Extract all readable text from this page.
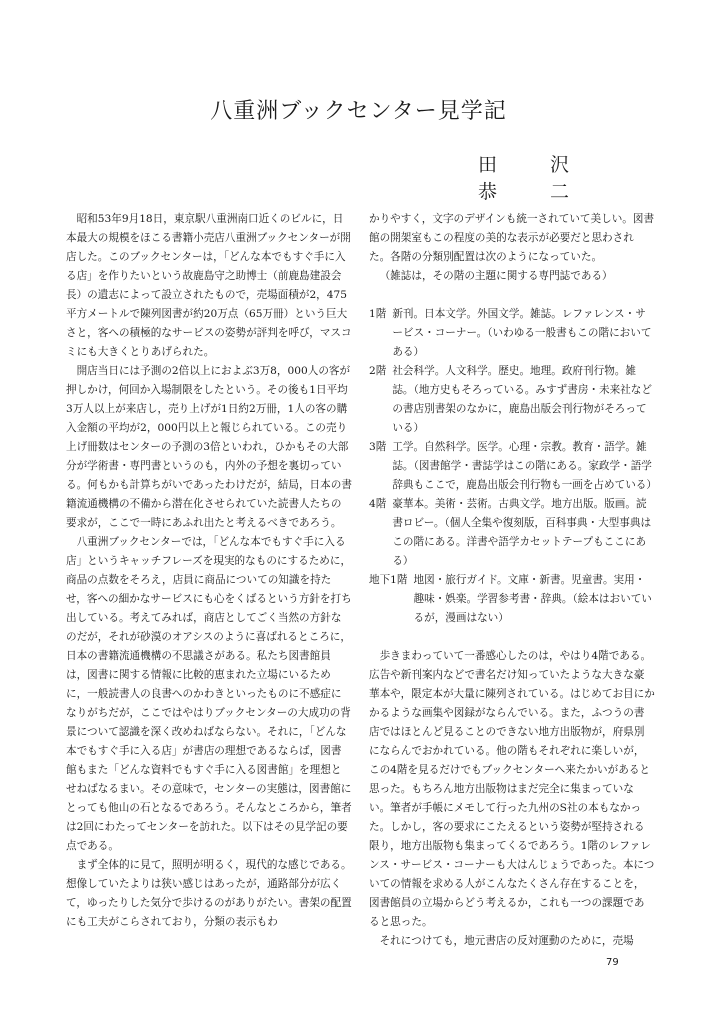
八重洲ブックセンター見学記
田　沢　恭　二

昭和53年9月18日，東京駅八重洲南口近くのビルに，日本最大の規模をほこる書籍小売店八重洲ブックセンターが開店した。このブックセンターは，「どんな本でもすぐ手に入る店」を作りたいという故鹿島守之助博士（前鹿島建設会長）の遺志によって設立されたもので，売場面積が2，475平方メートルで陳列図書が約20万点（65万冊）という巨大さと，客への積極的なサービスの姿勢が評判を呼び，マスコミにも大きくとりあげられた。

開店当日には予測の2倍以上におよぶ3万8，000人の客が押しかけ，何回か入場制限をしたという。その後も1日平均3万人以上が来店し，売り上げが1日約2万冊，1人の客の購入金額の平均が2，000円以上と報じられている。この売り上げ冊数はセンターの予測の3倍といわれ，ひかもその大部分が学術書・専門書というのも，内外の予想を裏切っている。何もかも計算ちがいであったわけだが，結局，日本の書籍流通機構の不備から潜在化させられていた読書人たちの要求が，ここで一時にあふれ出たと考えるべきであろう。

八重洲ブックセンターでは，「どんな本でもすぐ手に入る店」というキャッチフレーズを現実的なものにするために，商品の点数をそろえ，店員に商品についての知識を持たせ，客への細かなサービスにも心をくばるという方針を打ち出している。考えてみれば，商店としてごく当然の方針なのだが，それが砂漠のオアシスのように喜ばれるところに，日本の書籍流通機構の不思議さがある。私たち図書館員は，図書に関する情報に比較的恵まれた立場にいるために，一般読書人の良書へのかわきといったものに不感症になりがちだが，ここではやはりブックセンターの大成功の背景について認識を深く改めねばならない。それに，「どんな本でもすぐ手に入る店」が書店の理想であるならば，図書館もまた「どんな資料でもすぐ手に入る図書館」を理想とせねばなるまい。その意味で，センターの実態は，図書館にとっても他山の石となるであろう。そんなところから，筆者は2回にわたってセンターを訪れた。以下はその見学記の要点である。

まず全体的に見て，照明が明るく，現代的な感じである。想像していたよりは狭い感じはあったが，通路部分が広くて，ゆったりした気分で歩けるのがありがたい。書架の配置にも工夫がこらされており，分類の表示もわ

かりやすく，文字のデザインも統一されていて美しい。図書館の開架室もこの程度の美的な表示が必要だと思わされた。各階の分類別配置は次のようになっていた。

（雑誌は，その階の主題に関する専門誌である）

1階 新刊。日本文学。外国文学。雑誌。レファレンス・サービス・コーナー。（いわゆる一般書もこの階においてある）
2階 社会科学。人文科学。歴史。地理。政府刊行物。雑誌。（地方史もそろっている。みすず書房・未来社などの書店別書架のなかに，鹿島出版会刊行物がそろっている）
3階 工学。自然科学。医学。心理・宗教。教育・語学。雑誌。（図書館学・書誌学はこの階にある。家政学・語学辞典もここで，鹿島出版会刊行物も一画を占めている）
4階 豪華本。美術・芸術。古典文学。地方出版。版画。読書ロビー。（個人全集や復刻版，百科事典・大型事典はこの階にある。洋書や語学カセットテープもここにある）
地下1階 地図・旅行ガイド。文庫・新書。児童書。実用・趣味・娯楽。学習参考書・辞典。（絵本はおいているが，漫画はない）

歩きまわっていて一番感心したのは，やはり4階である。広告や新刊案内などで書名だけ知っていたような大きな豪華本や，限定本が大量に陳列されている。はじめてお目にかかるような画集や図録がならんでいる。また，ふつうの書店ではほとんど見ることのできない地方出版物が，府県別にならんでおかれている。他の階もそれぞれに楽しいが，この4階を見るだけでもブックセンターへ来たかいがあると思った。もちろん地方出版物はまだ完全に集まっていない。筆者が手帳にメモして行った九州のS社の本もなかった。しかし，客の要求にこたえるという姿勢が堅持される限り，地方出版物も集まってくるであろう。1階のレファレンス・サービス・コーナーも大はんじょうであった。本についての情報を求める人がこんなたくさん存在することを，図書館員の立場からどう考えるか，これも一つの課題であると思った。

それにつけても，地元書店の反対運動のために，売場

79
